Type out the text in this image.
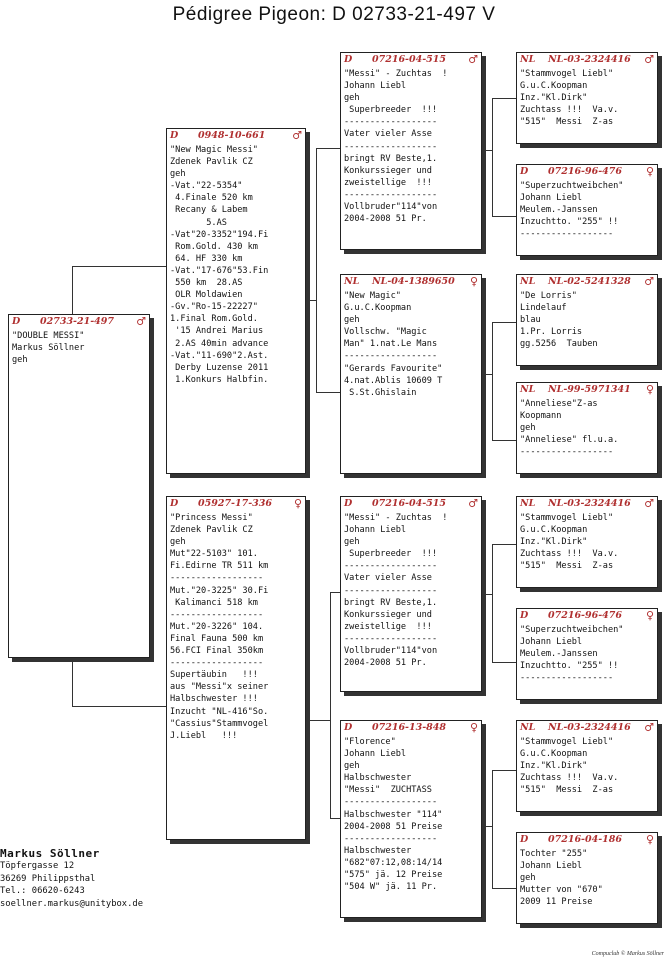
Pédigree Pigeon: D 02733-21-497 V
D	02733-21-497	♂
"DOUBLE MESSI"
Markus Söllner
geh
D	0948-10-661	♂
"New Magic Messi"
Zdenek Pavlik CZ
geh
-Vat."22-5354"
4.Finale 520 km
Recany & Labem
5.AS
-Vat"20-3352"194.Fi
Rom.Gold. 430 km
64. HF 330 km
-Vat."17-676"53.Fin
550 km  28.AS
OLR Moldawien
-Gv."Ro-15-22227"
1.Final Rom.Gold.
'15 Andrei Marius
2.AS 40min advance
-Vat."11-690"2.Ast.
Derby Luzense 2011
1.Konkurs Halbfin.
D	05927-17-336	♀
"Princess Messi"
Zdenek Pavlik CZ
geh
Mut"22-5103" 101.
Fi.Edirne TR 511 km
------------------
Mut."20-3225" 30.Fi
Kalimanci 518 km
------------------
Mut."20-3226" 104.
Final Fauna 500 km
56.FCI Final 350km
------------------
Supertäubin   !!!
aus "Messi"x seiner
Halbschwester !!!
Inzucht "NL-416"So.
"Cassius"Stammvogel
J.Liebl   !!!
D	07216-04-515	♂
"Messi" - Zuchtas  !
Johann Liebl
geh
Superbreeder  !!!
------------------
Vater vieler Asse
------------------
bringt RV Beste,1.
Konkurssieger und
zweistellige  !!!
------------------
Vollbruder"114"von
2004-2008 51 Pr.
NL	NL-04-1389650	♀
"New Magic"
G.u.C.Koopman
geh
Vollschw. "Magic
Man" 1.nat.Le Mans
------------------
"Gerards Favourite"
4.nat.Ablis 10609 T
S.St.Ghislain
D	07216-04-515	♂
"Messi" - Zuchtas  !
Johann Liebl
geh
Superbreeder  !!!
------------------
Vater vieler Asse
------------------
bringt RV Beste,1.
Konkurssieger und
zweistellige  !!!
------------------
Vollbruder"114"von
2004-2008 51 Pr.
D	07216-13-848	♀
"Florence"
Johann Liebl
geh
Halbschwester
"Messi"  ZUCHTASS
------------------
Halbschwester "114"
2004-2008 51 Preise
------------------
Halbschwester
"682"07:12,08:14/14
"575" jä. 12 Preise
"504 W" jä. 11 Pr.
NL	NL-03-2324416	♂
"Stammvogel Liebl"
G.u.C.Koopman
Inz."Kl.Dirk"
Zuchtass !!!  Va.v.
"515"  Messi  Z-as
D	07216-96-476	♀
"Superzuchtweibchen"
Johann Liebl
Meulem.-Janssen
Inzuchtto. "255" !!
------------------
NL	NL-02-5241328	♂
"De Lorris"
Lindelauf
blau
1.Pr. Lorris
gg.5256  Tauben
NL	NL-99-5971341	♀
"Anneliese"Z-as
Koopmann
geh
"Anneliese" fl.u.a.
------------------
NL	NL-03-2324416	♂
"Stammvogel Liebl"
G.u.C.Koopman
Inz."Kl.Dirk"
Zuchtass !!!  Va.v.
"515"  Messi  Z-as
D	07216-96-476	♀
"Superzuchtweibchen"
Johann Liebl
Meulem.-Janssen
Inzuchtto. "255" !!
------------------
NL	NL-03-2324416	♂
"Stammvogel Liebl"
G.u.C.Koopman
Inz."Kl.Dirk"
Zuchtass !!!  Va.v.
"515"  Messi  Z-as
D	07216-04-186	♀
Tochter "255"
Johann Liebl
geh
Mutter von "670"
2009 11 Preise
Markus Söllner
Töpfergasse 12
36269 Philippsthal
Tel.: 06620-6243
soellner.markus@unitybox.de
Compuclub © Markus Söllner
